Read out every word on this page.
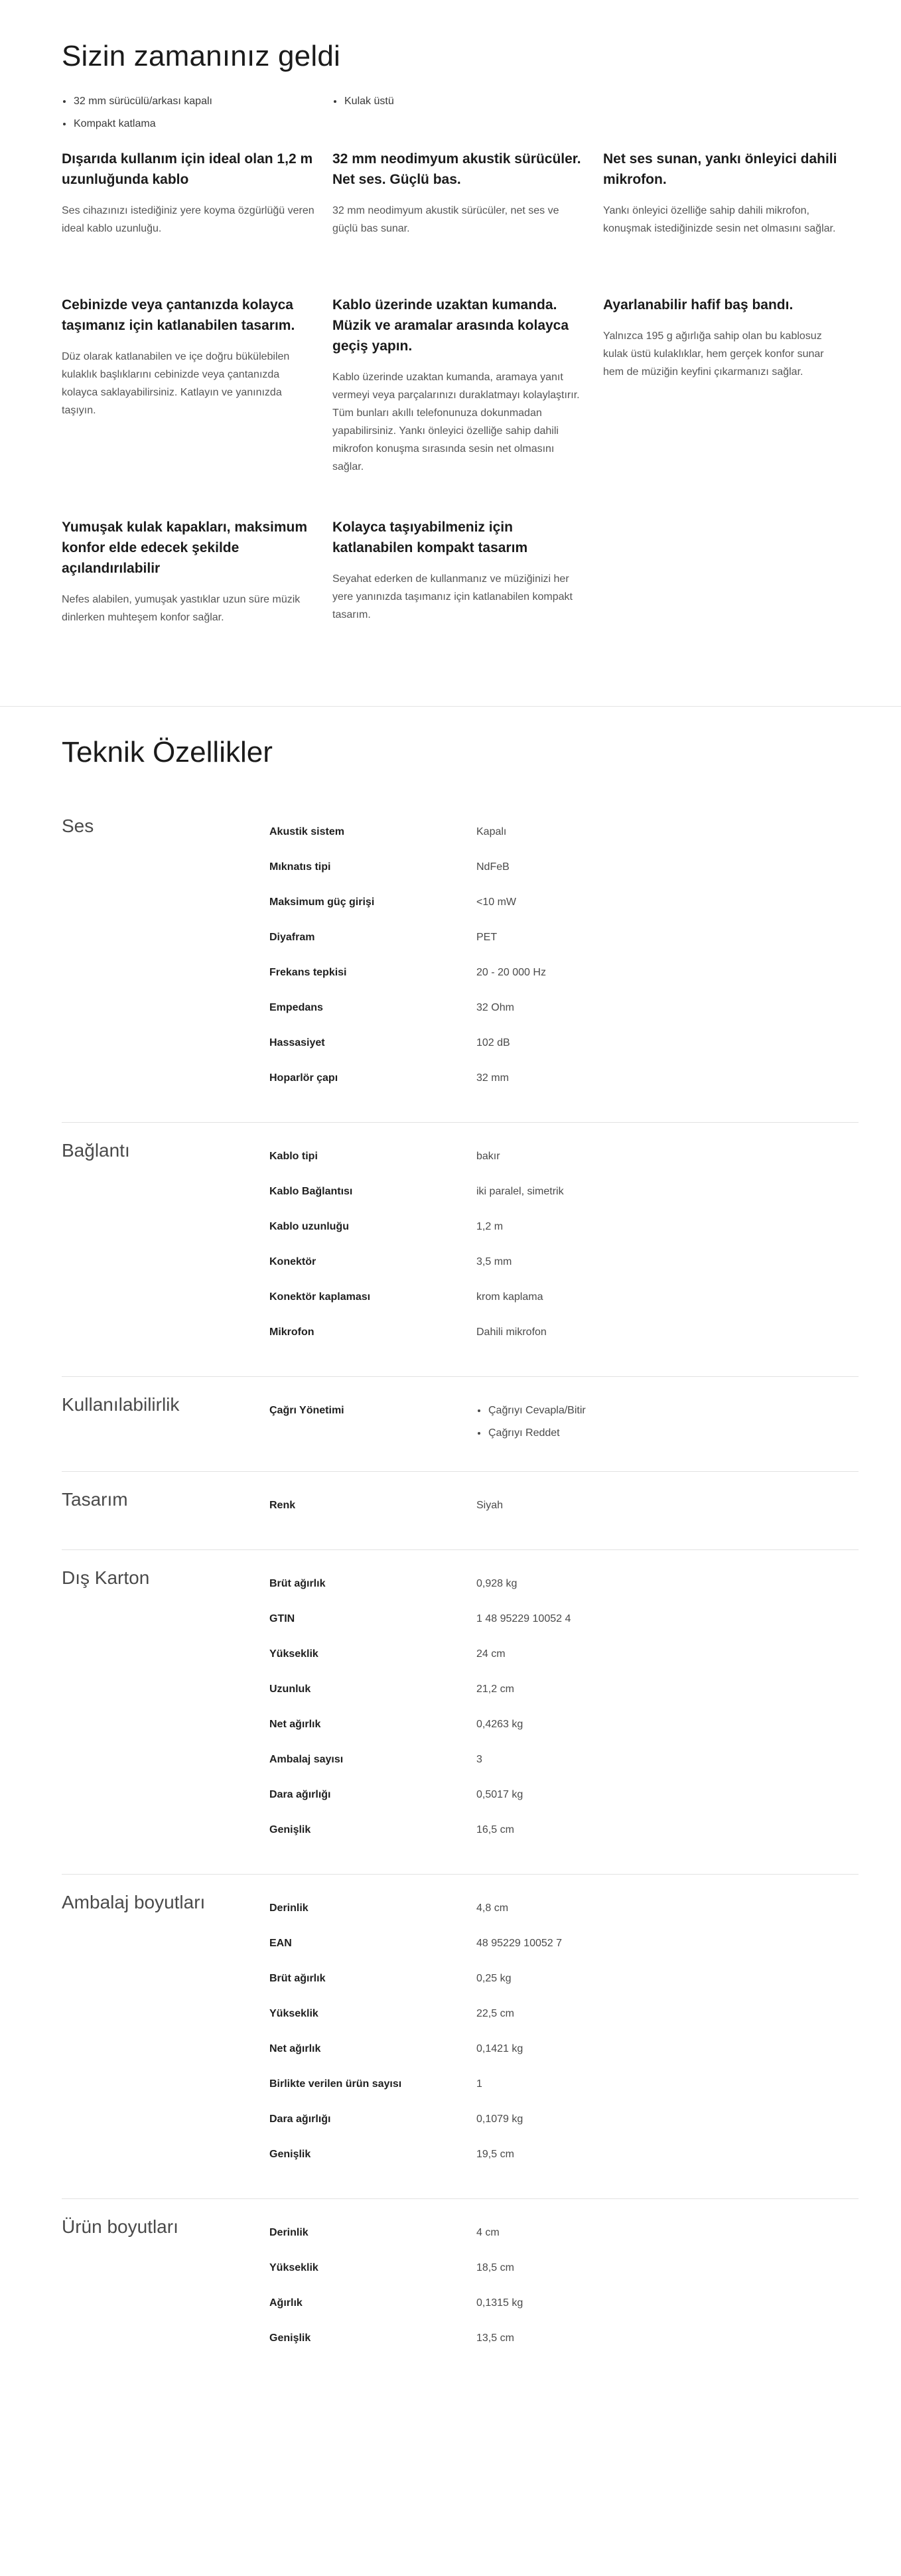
Sizin zamanınız geldi
32 mm sürücülü/arkası kapalı
Kompakt katlama
Kulak üstü
Dışarıda kullanım için ideal olan 1,2 m uzunluğunda kablo

Ses cihazınızı istediğiniz yere koyma özgürlüğü veren ideal kablo uzunluğu.

32 mm neodimyum akustik sürücüler. Net ses. Güçlü bas.

32 mm neodimyum akustik sürücüler, net ses ve güçlü bas sunar.

Net ses sunan, yankı önleyici dahili mikrofon.

Yankı önleyici özelliğe sahip dahili mikrofon, konuşmak istediğinizde sesin net olmasını sağlar.

Cebinizde veya çantanızda kolayca taşımanız için katlanabilen tasarım.

Düz olarak katlanabilen ve içe doğru bükülebilen kulaklık başlıklarını cebinizde veya çantanızda kolayca saklayabilirsiniz. Katlayın ve yanınızda taşıyın.

Kablo üzerinde uzaktan kumanda. Müzik ve aramalar arasında kolayca geçiş yapın.

Kablo üzerinde uzaktan kumanda, aramaya yanıt vermeyi veya parçalarınızı duraklatmayı kolaylaştırır. Tüm bunları akıllı telefonunuza dokunmadan yapabilirsiniz. Yankı önleyici özelliğe sahip dahili mikrofon konuşma sırasında sesin net olmasını sağlar.

Ayarlanabilir hafif baş bandı.

Yalnızca 195 g ağırlığa sahip olan bu kablosuz kulak üstü kulaklıklar, hem gerçek konfor sunar hem de müziğin keyfini çıkarmanızı sağlar.

Yumuşak kulak kapakları, maksimum konfor elde edecek şekilde açılandırılabilir

Nefes alabilen, yumuşak yastıklar uzun süre müzik dinlerken muhteşem konfor sağlar.

Kolayca taşıyabilmeniz için katlanabilen kompakt tasarım

Seyahat ederken de kullanmanız ve müziğinizi her yere yanınızda taşımanız için katlanabilen kompakt tasarım.

Teknik Özellikler
Ses	Akustik sistem	Kapalı
Mıknatıs tipi	NdFeB
Maksimum güç girişi	<10 mW
Diyafram	PET
Frekans tepkisi	20 - 20 000 Hz
Empedans	32 Ohm
Hassasiyet	102 dB
Hoparlör çapı	32 mm
Bağlantı	Kablo tipi	bakır
Kablo Bağlantısı	iki paralel, simetrik
Kablo uzunluğu	1,2 m
Konektör	3,5 mm
Konektör kaplaması	krom kaplama
Mikrofon	Dahili mikrofon
Kullanılabilirlik	Çağrı Yönetimi	Çağrıyı Cevapla/Bitir
Çağrıyı Reddet
Tasarım	Renk	Siyah
Dış Karton	Brüt ağırlık	0,928 kg
GTIN	1 48 95229 10052 4
Yükseklik	24 cm
Uzunluk	21,2 cm
Net ağırlık	0,4263 kg
Ambalaj sayısı	3
Dara ağırlığı	0,5017 kg
Genişlik	16,5 cm
Ambalaj boyutları	Derinlik	4,8 cm
EAN	48 95229 10052 7
Brüt ağırlık	0,25 kg
Yükseklik	22,5 cm
Net ağırlık	0,1421 kg
Birlikte verilen ürün sayısı	1
Dara ağırlığı	0,1079 kg
Genişlik	19,5 cm
Ürün boyutları	Derinlik	4 cm
Yükseklik	18,5 cm
Ağırlık	0,1315 kg
Genişlik	13,5 cm
